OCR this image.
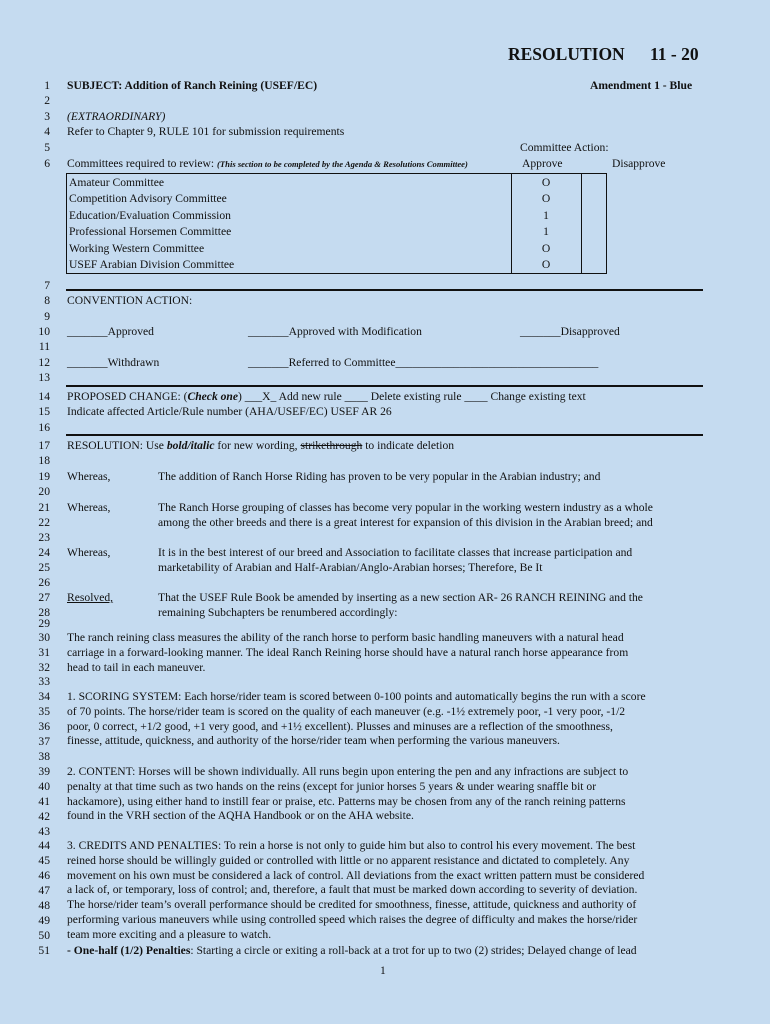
RESOLUTION 11 - 20
1
2
3
4
5
6
7
8
9
10
11
12
13
14
15
16
17
18
19
20
21
22
23
24
25
26
27
28
29
30
31
32
33
34
35
36
37
38
39
40
41
42
43
44
45
46
47
48
49
50
51
SUBJECT: Addition of Ranch Reining (USEF/EC)	Amendment 1 - Blue
(EXTRAORDINARY)
Refer to Chapter 9, RULE 101 for submission requirements
Committee Action:
Committees required to review: (This section to be completed by the Agenda & Resolutions Committee)	Approve	Disapprove
Amateur Committee	O
Competition Advisory Committee	O
Education/Evaluation Commission	1
Professional Horsemen Committee	1
Working Western Committee	O
USEF Arabian Division Committee	O
CONVENTION ACTION:
_______Approved	_______Approved with Modification	_______Disapproved
_______Withdrawn	_______Referred to Committee___________________________________
PROPOSED CHANGE: (Check one) ___X_ Add new rule ____ Delete existing rule ____ Change existing text
Indicate affected Article/Rule number (AHA/USEF/EC) USEF AR 26
RESOLUTION: Use bold/italic for new wording, strikethrough to indicate deletion
Whereas,	The addition of Ranch Horse Riding has proven to be very popular in the Arabian industry; and
Whereas,	The Ranch Horse grouping of classes has become very popular in the working western industry as a whole
among the other breeds and there is a great interest for expansion of this division in the Arabian breed; and
Whereas,	It is in the best interest of our breed and Association to facilitate classes that increase participation and
marketability of Arabian and Half-Arabian/Anglo-Arabian horses; Therefore, Be It
Resolved,	That the USEF Rule Book be amended by inserting as a new section AR- 26 RANCH REINING and the
remaining Subchapters be renumbered accordingly:
The ranch reining class measures the ability of the ranch horse to perform basic handling maneuvers with a natural head
carriage in a forward-looking manner. The ideal Ranch Reining horse should have a natural ranch horse appearance from
head to tail in each maneuver.
1. SCORING SYSTEM: Each horse/rider team is scored between 0-100 points and automatically begins the run with a score
of 70 points. The horse/rider team is scored on the quality of each maneuver (e.g. -1½ extremely poor, -1 very poor, -1/2
poor, 0 correct, +1/2 good, +1 very good, and +1½ excellent). Plusses and minuses are a reflection of the smoothness,
finesse, attitude, quickness, and authority of the horse/rider team when performing the various maneuvers.
2. CONTENT: Horses will be shown individually. All runs begin upon entering the pen and any infractions are subject to
penalty at that time such as two hands on the reins (except for junior horses 5 years & under wearing snaffle bit or
hackamore), using either hand to instill fear or praise, etc. Patterns may be chosen from any of the ranch reining patterns
found in the VRH section of the AQHA Handbook or on the AHA website.
3. CREDITS AND PENALTIES: To rein a horse is not only to guide him but also to control his every movement. The best
reined horse should be willingly guided or controlled with little or no apparent resistance and dictated to completely. Any
movement on his own must be considered a lack of control. All deviations from the exact written pattern must be considered
a lack of, or temporary, loss of control; and, therefore, a fault that must be marked down according to severity of deviation.
The horse/rider team’s overall performance should be credited for smoothness, finesse, attitude, quickness and authority of
performing various maneuvers while using controlled speed which raises the degree of difficulty and makes the horse/rider
team more exciting and a pleasure to watch.
- One-half (1/2) Penalties: Starting a circle or exiting a roll-back at a trot for up to two (2) strides; Delayed change of lead
1
